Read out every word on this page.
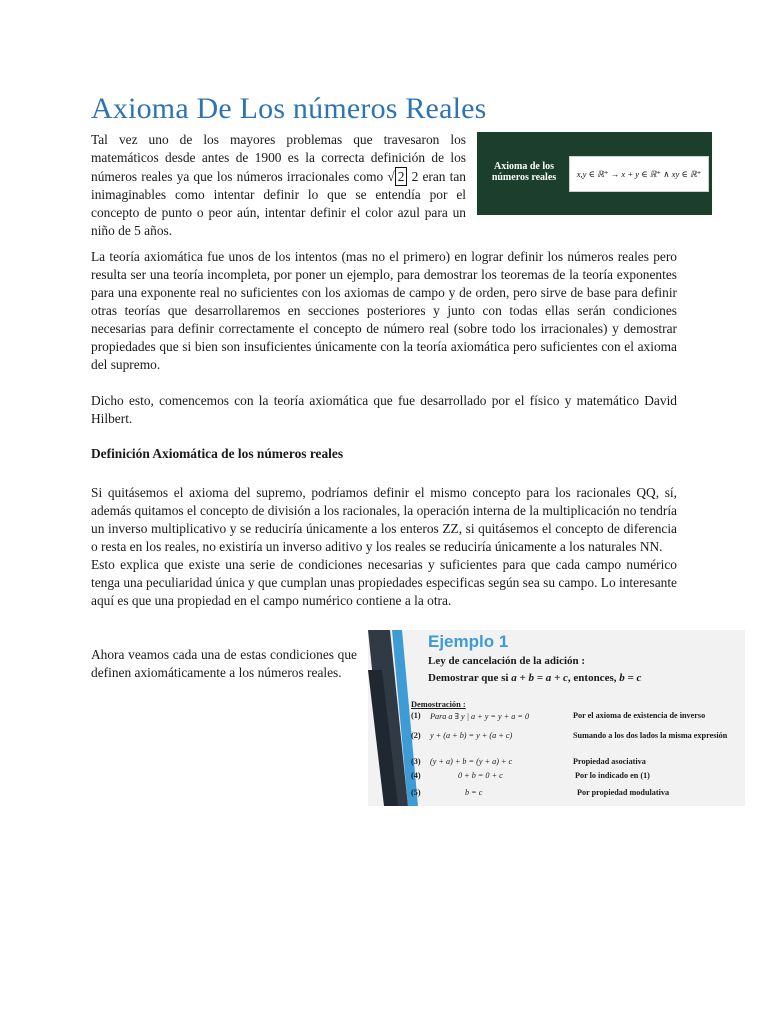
Axioma De Los números Reales

Tal vez uno de los mayores problemas que travesaron los matemáticos desde antes de 1900 es la correcta definición de los números reales ya que los números irracionales como √ 2 2 eran tan inimaginables como intentar definir lo que se entendía por el concepto de punto o peor aún, intentar definir el color azul para un niño de 5 años.

Axioma de los números reales	x,y ∈ ℝ⁺ → x + y ∈ ℝ⁺ ∧ xy ∈ ℝ⁺

La teoría axiomática fue unos de los intentos (mas no el primero) en lograr definir los números reales pero resulta ser una teoría incompleta, por poner un ejemplo, para demostrar los teoremas de la teoría exponentes para una exponente real no suficientes con los axiomas de campo y de orden, pero sirve de base para definir otras teorías que desarrollaremos en secciones posteriores y junto con todas ellas serán condiciones necesarias para definir correctamente el concepto de número real (sobre todo los irracionales) y demostrar propiedades que si bien son insuficientes únicamente con la teoría axiomática pero suficientes con el axioma del supremo.

Dicho esto, comencemos con la teoría axiomática que fue desarrollado por el físico y matemático David Hilbert.

Definición Axiomática de los números reales

Si quitásemos el axioma del supremo, podríamos definir el mismo concepto para los racionales QQ, sí, además quitamos el concepto de división a los racionales, la operación interna de la multiplicación no tendría un inverso multiplicativo y se reduciría únicamente a los enteros ZZ, si quitásemos el concepto de diferencia o resta en los reales, no existiría un inverso aditivo y los reales se reduciría únicamente a los naturales NN.
Esto explica que existe una serie de condiciones necesarias y suficientes para que cada campo numérico tenga una peculiaridad única y que cumplan unas propiedades especificas según sea su campo. Lo interesante aquí es que una propiedad en el campo numérico contiene a la otra.

Ahora veamos cada una de estas condiciones que definen axiomáticamente a los números reales.

Ejemplo 1
Ley de cancelación de la adición :
Demostrar que si a + b = a + c, entonces, b = c
Demostración :
(1) Para a ∃ y | a + y = y + a = 0	Por el axioma de existencia de inverso
(2) y + (a + b) = y + (a + c)	Sumando a los dos lados la misma expresión
(3) (y + a) + b = (y + a) + c	Propiedad asociativa
(4)	0 + b = 0 + c	Por lo indicado en (1)
(5)	b = c	Por propiedad modulativa
